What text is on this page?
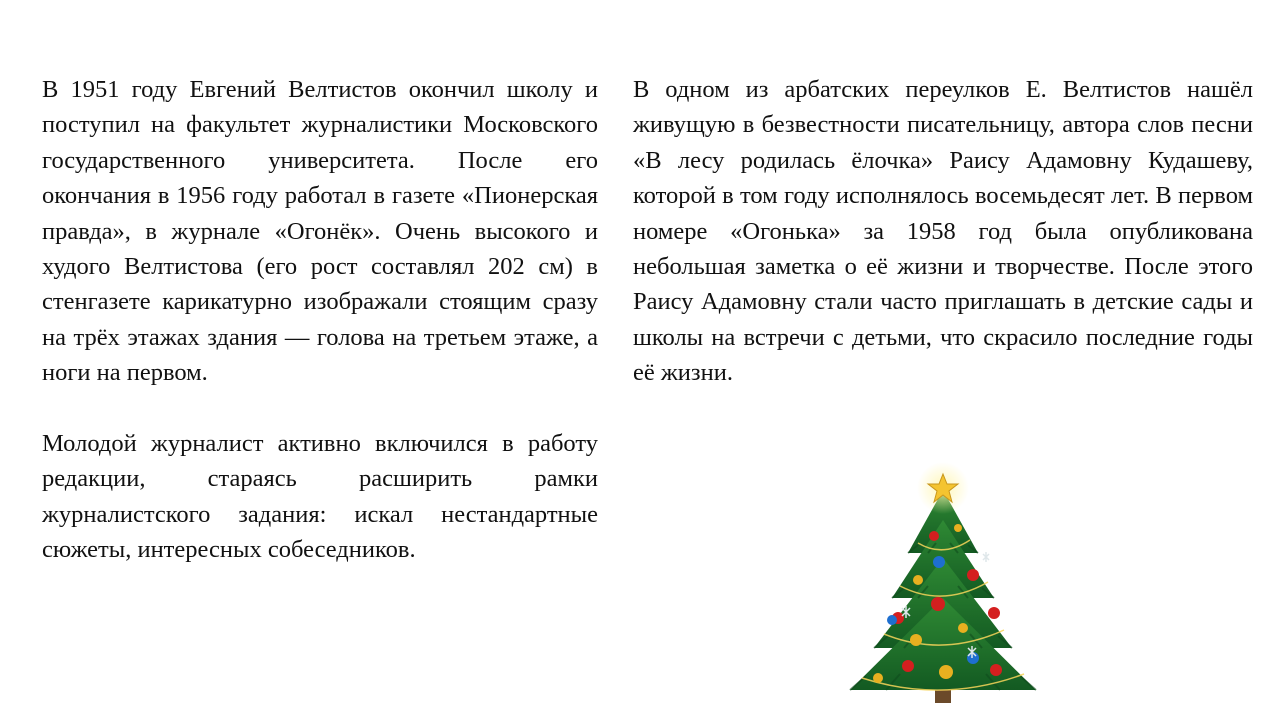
В 1951 году Евгений Велтистов окончил школу и поступил на факультет журналистики Московского государственного университета. После его окончания в 1956 году работал в газете «Пионерская правда», в журнале «Огонёк». Очень высокого и худого Велтистова (его рост составлял 202 см) в стенгазете карикатурно изображали стоящим сразу на трёх этажах здания — голова на третьем этаже, а ноги на первом.

Молодой журналист активно включился в работу редакции, стараясь расширить рамки журналистского задания: искал нестандартные сюжеты, интересных собеседников.

В одном из арбатских переулков Е. Велтистов нашёл живущую в безвестности писательницу, автора слов песни «В лесу родилась ёлочка» Раису Адамовну Кудашеву, которой в том году исполнялось восемьдесят лет. В первом номере «Огонька» за 1958 год была опубликована небольшая заметка о её жизни и творчестве. После этого Раису Адамовну стали часто приглашать в детские сады и школы на встречи с детьми, что скрасило последние годы её жизни.
